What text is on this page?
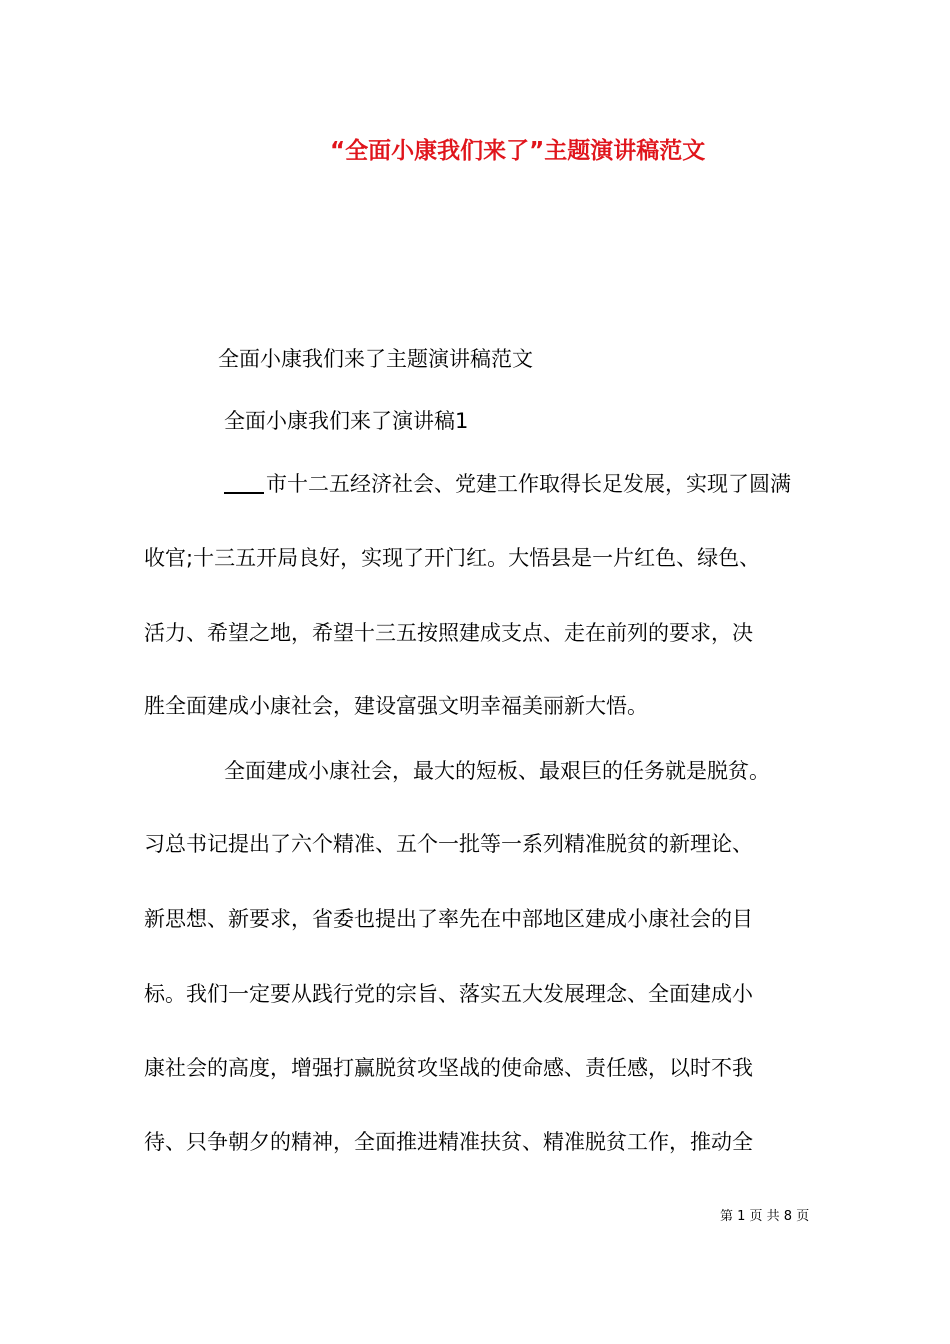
“全面小康我们来了”主题演讲稿范文
全面小康我们来了主题演讲稿范文
全面小康我们来了演讲稿1
市十二五经济社会、党建工作取得长足发展，实现了圆满
收官;十三五开局良好，实现了开门红。大悟县是一片红色、绿色、
活力、希望之地，希望十三五按照建成支点、走在前列的要求，决
胜全面建成小康社会，建设富强文明幸福美丽新大悟。
全面建成小康社会，最大的短板、最艰巨的任务就是脱贫。
习总书记提出了六个精准、五个一批等一系列精准脱贫的新理论、
新思想、新要求，省委也提出了率先在中部地区建成小康社会的目
标。我们一定要从践行党的宗旨、落实五大发展理念、全面建成小
康社会的高度，增强打赢脱贫攻坚战的使命感、责任感，以时不我
待、只争朝夕的精神，全面推进精准扶贫、精准脱贫工作，推动全
第 1 页 共 8 页
